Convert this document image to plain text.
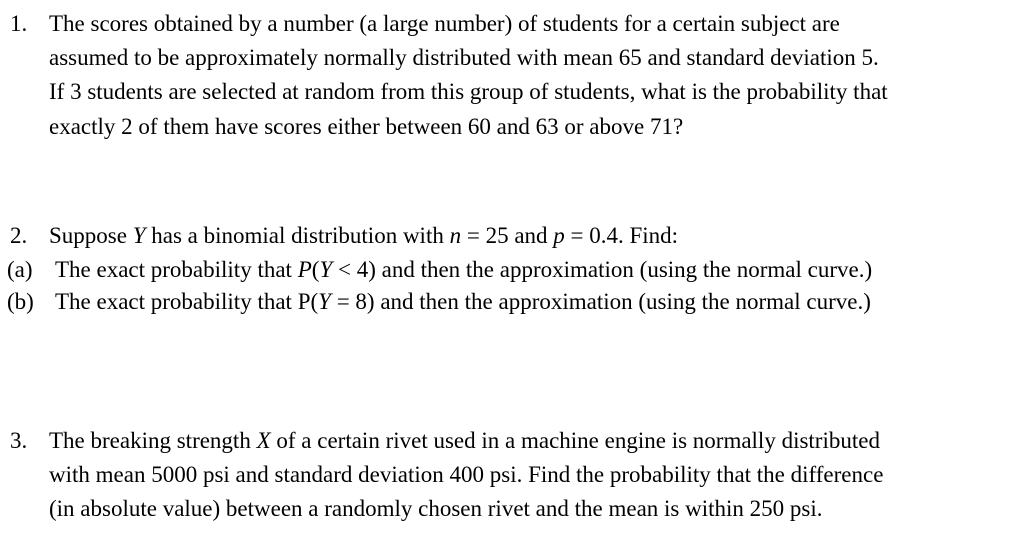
1. The scores obtained by a number (a large number) of students for a certain subject are
assumed to be approximately normally distributed with mean 65 and standard deviation 5.
If 3 students are selected at random from this group of students, what is the probability that
exactly 2 of them have scores either between 60 and 63 or above 71?
2. Suppose Y has a binomial distribution with n = 25 and p = 0.4. Find:
(a) The exact probability that P(Y < 4) and then the approximation (using the normal curve.)
(b) The exact probability that P(Y = 8) and then the approximation (using the normal curve.)
3. The breaking strength X of a certain rivet used in a machine engine is normally distributed
with mean 5000 psi and standard deviation 400 psi. Find the probability that the difference
(in absolute value) between a randomly chosen rivet and the mean is within 250 psi.
